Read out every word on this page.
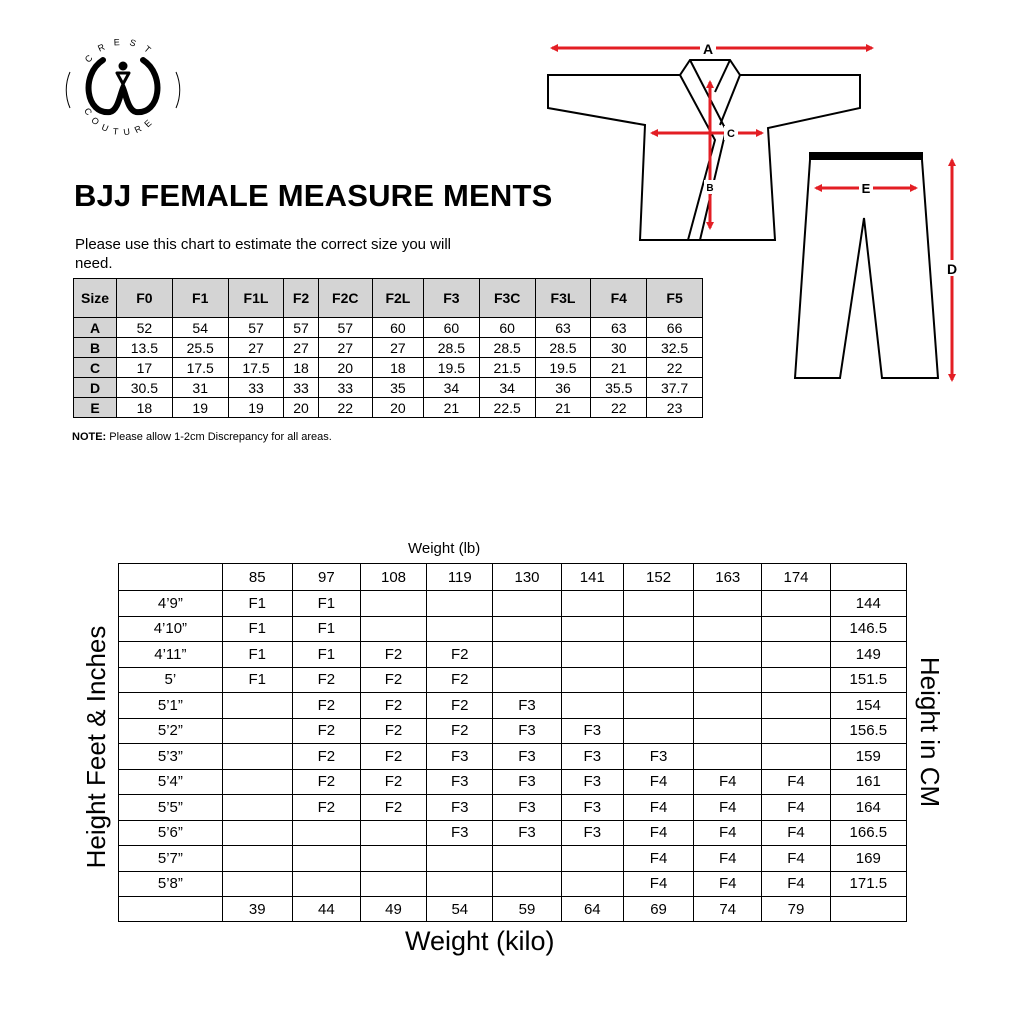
CREST
COUTURE
BJJ FEMALE MEASURE MENTS
Please use this chart to estimate the correct size you will need.
Size	F0	F1	F1L	F2	F2C	F2L	F3	F3C	F3L	F4	F5
A	52	54	57	57	57	60	60	60	63	63	66
B	13.5	25.5	27	27	27	27	28.5	28.5	28.5	30	32.5
C	17	17.5	17.5	18	20	18	19.5	21.5	19.5	21	22
D	30.5	31	33	33	33	35	34	34	36	35.5	37.7
E	18	19	19	20	22	20	21	22.5	21	22	23
NOTE: Please allow 1-2cm Discrepancy for all areas.
A
B
C
E
D
Weight (lb)
	85	97	108	119	130	141	152	163	174	
4’9”	F1	F1								144
4’10”	F1	F1								146.5
4’11”	F1	F1	F2	F2						149
5’	F1	F2	F2	F2						151.5
5’1”		F2	F2	F2	F3					154
5’2”		F2	F2	F2	F3	F3				156.5
5’3”		F2	F2	F3	F3	F3	F3			159
5’4”		F2	F2	F3	F3	F3	F4	F4	F4	161
5’5”		F2	F2	F3	F3	F3	F4	F4	F4	164
5’6”				F3	F3	F3	F4	F4	F4	166.5
5’7”							F4	F4	F4	169
5’8”							F4	F4	F4	171.5
	39	44	49	54	59	64	69	74	79	
Height Feet & Inches	Height in CM
Weight (kilo)
